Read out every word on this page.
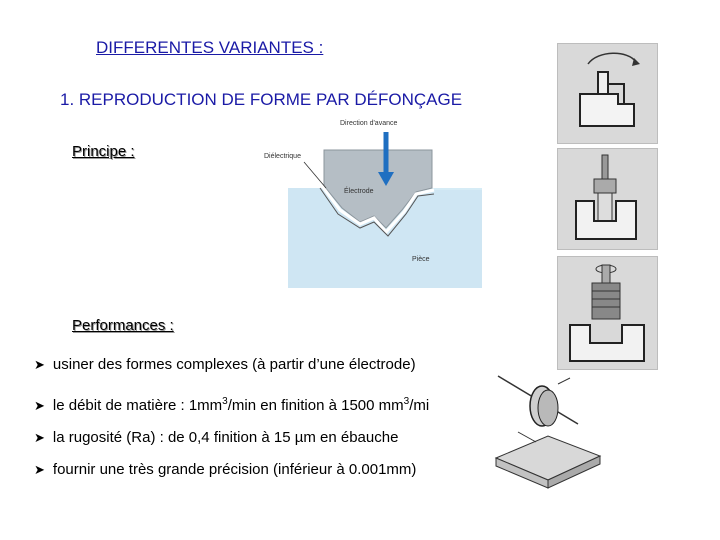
DIFFERENTES VARIANTES :
1. REPRODUCTION DE FORME PAR DÉFONÇAGE
Principe :
Direction d'avance
Diélectrique
Électrode
Pièce
Performances :
➤ usiner des formes complexes (à partir d’une électrode)
➤ le débit de matière : $1mm^3/\min$ en finition à 1500 $mm^3/mi$
➤ la rugosité (Ra) : de 0,4 finition à 15 µm en ébauche
➤ fournir une très grande précision (inférieur à 0.001mm)
